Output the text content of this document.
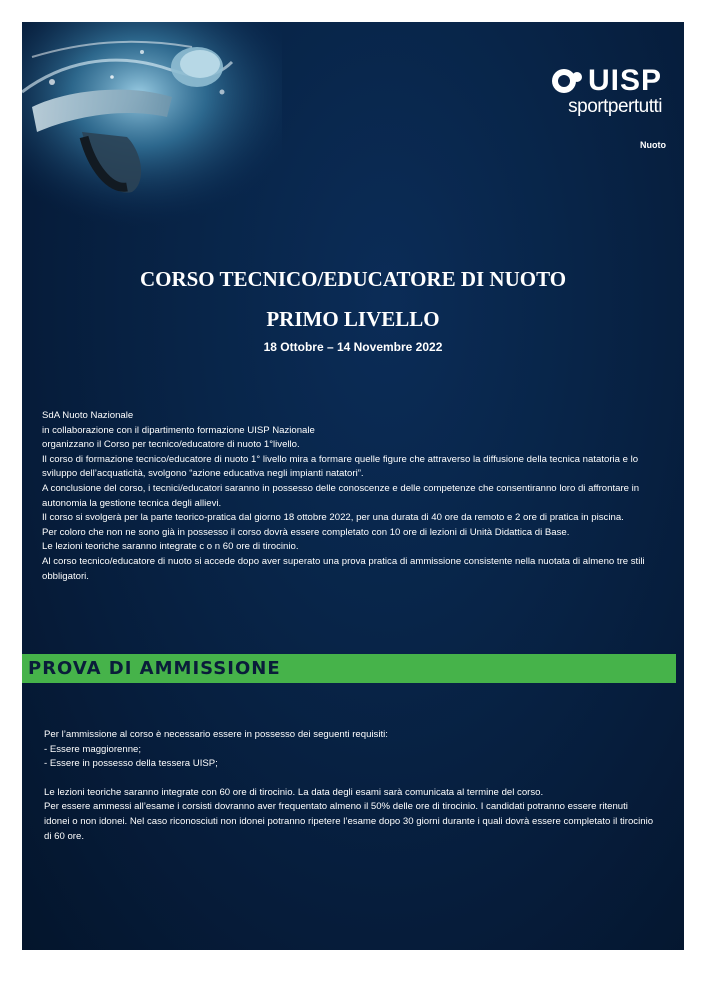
UISP
sportpertutti
Nuoto
CORSO TECNICO/EDUCATORE DI NUOTO
PRIMO LIVELLO
18 Ottobre – 14 Novembre 2022

SdA Nuoto Nazionale

in collaborazione con il dipartimento formazione UISP Nazionale

organizzano il Corso per tecnico/educatore di nuoto 1°livello.

Il corso di formazione tecnico/educatore di nuoto 1° livello mira a formare quelle figure che attraverso la diffusione della tecnica natatoria e lo sviluppo dell’acquaticità, svolgono “azione educativa negli impianti natatori”.

A conclusione del corso, i tecnici/educatori saranno in possesso delle conoscenze e delle competenze che consentiranno loro di affrontare in autonomia la gestione tecnica degli allievi.

Il corso si svolgerà per la parte teorico-pratica dal giorno 18 ottobre 2022, per una durata di 40 ore da remoto e 2 ore di pratica in piscina.

Per coloro che non ne sono già in possesso il corso dovrà essere completato con 10 ore di lezioni di Unità Didattica di Base.

Le lezioni teoriche saranno integrate c o n 60 ore di tirocinio.

Al corso tecnico/educatore di nuoto si accede dopo aver superato una prova pratica di ammissione consistente nella nuotata di almeno tre stili obbligatori.

PROVA DI AMMISSIONE

Per l’ammissione al corso è necessario essere in possesso dei seguenti requisiti:

- Essere maggiorenne;

- Essere in possesso della tessera UISP;

Le lezioni teoriche saranno integrate con 60 ore di tirocinio. La data degli esami sarà comunicata al termine del corso.

Per essere ammessi all’esame i corsisti dovranno aver frequentato almeno il 50% delle ore di tirocinio. I candidati potranno essere ritenuti idonei o non idonei. Nel caso riconosciuti non idonei potranno ripetere l’esame dopo 30 giorni durante i quali dovrà essere completato il tirocinio di 60 ore.
